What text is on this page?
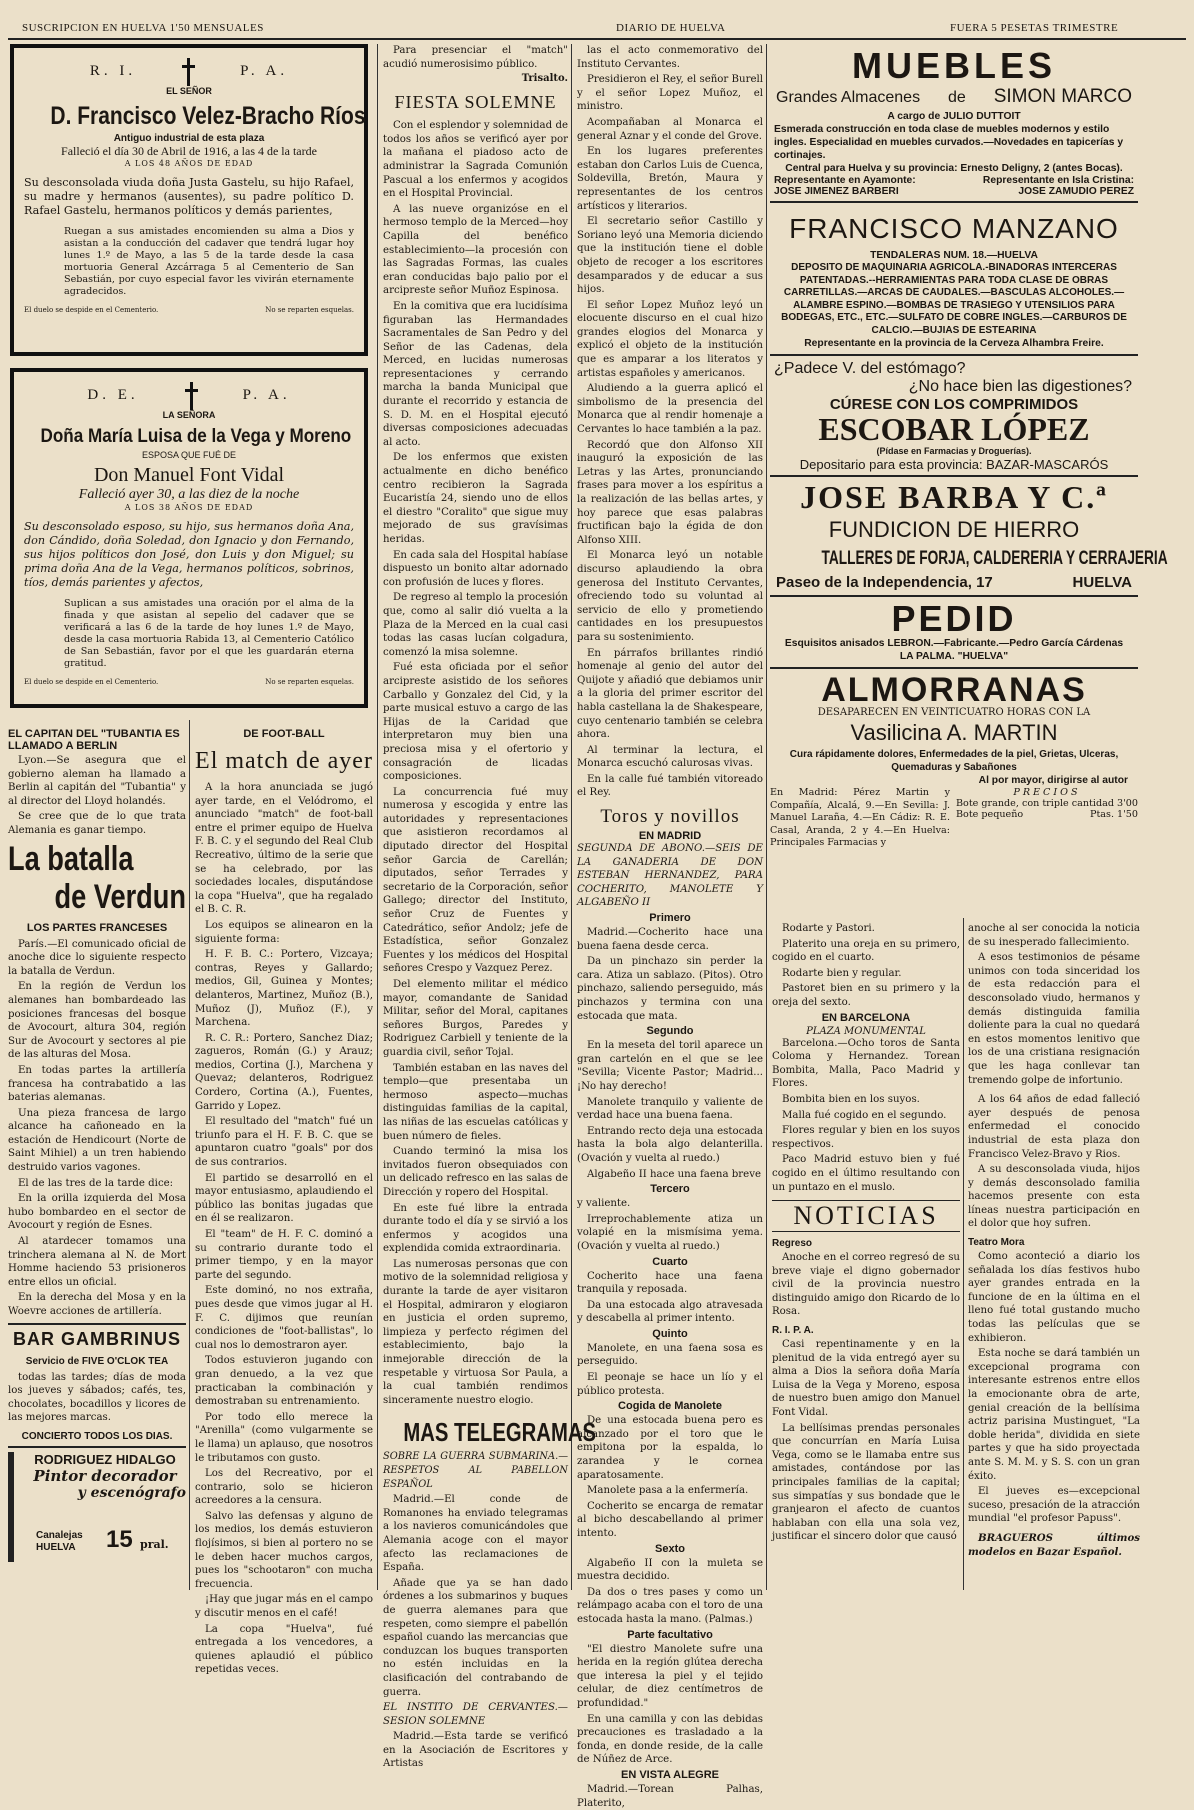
SUSCRIPCION EN HUELVA 1'50 MENSUALES	DIARIO DE HUELVA	FUERA 5 PESETAS TRIMESTRE
R. I.	P. A.
EL SEÑOR
D. Francisco Velez-Bracho Ríos
Antiguo industrial de esta plaza
Falleció el día 30 de Abril de 1916, a las 4 de la tarde
A LOS 48 AÑOS DE EDAD
Su desconsolada viuda doña Justa Gastelu, su hijo Rafael, su madre y hermanos (ausentes), su padre político D. Rafael Gastelu, hermanos políticos y demás parientes,
Ruegan a sus amistades encomienden su alma a Dios y asistan a la conducción del cadaver que tendrá lugar hoy lunes 1.º de Mayo, a las 5 de la tarde desde la casa mortuoria General Azcárraga 5 al Cementerio de San Sebastián, por cuyo especial favor les vivirán eternamente agradecidos.
El duelo se despide en el Cementerio.	No se reparten esquelas.
D. E.	P. A.
LA SEÑORA
Doña María Luisa de la Vega y Moreno
ESPOSA QUE FUÉ DE
Don Manuel Font Vidal
Falleció ayer 30, a las diez de la noche
A LOS 38 AÑOS DE EDAD
Su desconsolado esposo, su hijo, sus hermanos doña Ana, don Cándido, doña Soledad, don Ignacio y don Fernando, sus hijos políticos don José, don Luis y don Miguel; su prima doña Ana de la Vega, hermanos políticos, sobrinos, tíos, demás parientes y afectos,
Suplican a sus amistades una oración por el alma de la finada y que asistan al sepelio del cadaver que se verificará a las 6 de la tarde de hoy lunes 1.º de Mayo, desde la casa mortuoria Rabida 13, al Cementerio Católico de San Sebastián, favor por el que les guardarán eterna gratitud.
El duelo se despide en el Cementerio.	No se reparten esquelas.
EL CAPITAN DEL "TUBANTIA ES LLAMADO A BERLIN

Lyon.—Se asegura que el gobierno aleman ha llamado a Berlin al capitán del "Tubantia" y al director del Lloyd holandés.

Se cree que de lo que trata Alemania es ganar tiempo.

La batalla
de Verdun
LOS PARTES FRANCESES

París.—El comunicado oficial de anoche dice lo siguiente respecto la batalla de Verdun.

En la región de Verdun los alemanes han bombardeado las posiciones francesas del bosque de Avocourt, altura 304, región Sur de Avocourt y sectores al pie de las alturas del Mosa.

En todas partes la artillería francesa ha contrabatido a las baterias alemanas.

Una pieza francesa de largo alcance ha cañoneado en la estación de Hendicourt (Norte de Saint Mihiel) a un tren habiendo destruido varios vagones.

El de las tres de la tarde dice:

En la orilla izquierda del Mosa hubo bombardeo en el sector de Avocourt y región de Esnes.

Al atardecer tomamos una trinchera alemana al N. de Mort Homme haciendo 53 prisioneros entre ellos un oficial.

En la derecha del Mosa y en la Woevre acciones de artillería.

BAR GAMBRINUS
Servicio de FIVE O'CLOK TEA

todas las tardes; días de moda los jueves y sábados; cafés, tes, chocolates, bocadillos y licores de las mejores marcas.

CONCIERTO TODOS LOS DIAS.
RODRIGUEZ HIDALGO
Pintor decorador
y escenógrafo
Canalejas
HUELVA 15 pral.
DE FOOT-BALL
El match de ayer

A la hora anunciada se jugó ayer tarde, en el Velódromo, el anunciado "match" de foot-ball entre el primer equipo de Huelva F. B. C. y el segundo del Real Club Recreativo, último de la serie que se ha celebrado, por las sociedades locales, disputándose la copa "Huelva", que ha regalado el B. C. R.

Los equipos se alinearon en la siguiente forma:

H. F. B. C.: Portero, Vizcaya; contras, Reyes y Gallardo; medios, Gil, Guinea y Montes; delanteros, Martinez, Muñoz (B.), Muñoz (J), Muñoz (F.), y Marchena.

R. C. R.: Portero, Sanchez Diaz; zagueros, Román (G.) y Arauz; medios, Cortina (J.), Marchena y Quevaz; delanteros, Rodriguez Cordero, Cortina (A.), Fuentes, Garrido y Lopez.

El resultado del "match" fué un triunfo para el H. F. B. C. que se apuntaron cuatro "goals" por dos de sus contrarios.

El partido se desarrolló en el mayor entusiasmo, aplaudiendo el público las bonitas jugadas que en él se realizaron.

El "team" de H. F. C. dominó a su contrario durante todo el primer tiempo, y en la mayor parte del segundo.

Este dominó, no nos extraña, pues desde que vimos jugar al H. F. C. dijimos que reunían condiciones de "foot-ballistas", lo cual nos lo demostraron ayer.

Todos estuvieron jugando con gran denuedo, a la vez que practicaban la combinación y demostraban su entrenamiento.

Por todo ello merece la "Arenilla" (como vulgarmente se le llama) un aplauso, que nosotros le tributamos con gusto.

Los del Recreativo, por el contrario, solo se hicieron acreedores a la censura.

Salvo las defensas y alguno de los medios, los demás estuvieron flojísimos, si bien al portero no se le deben hacer muchos cargos, pues los "schootaron" con mucha frecuencia.

¡Hay que jugar más en el campo y discutir menos en el café!

La copa "Huelva", fué entregada a los vencedores, a quienes aplaudió el público repetidas veces.

Para presenciar el "match" acudió numerosisimo público.

Trisalto.
FIESTA SOLEMNE

Con el esplendor y solemnidad de todos los años se verificó ayer por la mañana el piadoso acto de administrar la Sagrada Comunión Pascual a los enfermos y acogidos en el Hospital Provincial.

A las nueve organizóse en el hermoso templo de la Merced—hoy Capilla del benéfico establecimiento—la procesión con las Sagradas Formas, las cuales eran conducidas bajo palio por el arcipreste señor Muñoz Espinosa.

En la comitiva que era lucidísima figuraban las Hermandades Sacramentales de San Pedro y del Señor de las Cadenas, dela Merced, en lucidas numerosas representaciones y cerrando marcha la banda Municipal que durante el recorrido y estancia de S. D. M. en el Hospital ejecutó diversas composiciones adecuadas al acto.

De los enfermos que existen actualmente en dicho benéfico centro recibieron la Sagrada Eucaristía 24, siendo uno de ellos el diestro "Coralito" que sigue muy mejorado de sus gravísimas heridas.

En cada sala del Hospital habíase dispuesto un bonito altar adornado con profusión de luces y flores.

De regreso al templo la procesión que, como al salir dió vuelta a la Plaza de la Merced en la cual casi todas las casas lucían colgadura, comenzó la misa solemne.

Fué esta oficiada por el señor arcipreste asistido de los señores Carballo y Gonzalez del Cid, y la parte musical estuvo a cargo de las Hijas de la Caridad que interpretaron muy bien una preciosa misa y el ofertorio y consagración de licadas composiciones.

La concurrencia fué muy numerosa y escogida y entre las autoridades y representaciones que asistieron recordamos al diputado director del Hospital señor Garcia de Carellán; diputados, señor Terrades y secretario de la Corporación, señor Gallego; director del Instituto, señor Cruz de Fuentes y Catedrático, señor Andolz; jefe de Estadística, señor Gonzalez Fuentes y los médicos del Hospital señores Crespo y Vazquez Perez.

Del elemento militar el médico mayor, comandante de Sanidad Militar, señor del Moral, capitanes señores Burgos, Paredes y Rodriguez Carbiell y teniente de la guardia civil, señor Tojal.

También estaban en las naves del templo—que presentaba un hermoso aspecto—muchas distinguidas familias de la capital, las niñas de las escuelas católicas y buen número de fieles.

Cuando terminó la misa los invitados fueron obsequiados con un delicado refresco en las salas de Dirección y ropero del Hospital.

En este fué libre la entrada durante todo el día y se sirvió a los enfermos y acogidos una explendida comida extraordinaria.

Las numerosas personas que con motivo de la solemnidad religiosa y durante la tarde de ayer visitaron el Hospital, admiraron y elogiaron en justicia el orden supremo, limpieza y perfecto régimen del establecimiento, bajo la inmejorable dirección de la respetable y virtuosa Sor Paula, a la cual también rendimos sinceramente nuestro elogio.

MAS TELEGRAMAS

SOBRE LA GUERRA SUBMARINA.—RESPETOS AL PABELLON ESPAÑOL

Madrid.—El conde de Romanones ha enviado telegramas a los navieros comunicándoles que Alemania acoge con el mayor afecto las reclamaciones de España.

Añade que ya se han dado órdenes a los submarinos y buques de guerra alemanes para que respeten, como siempre el pabellón español cuando las mercancias que conduzcan los buques transporten no estén incluidas en la clasificación del contrabando de guerra.

EL INSTITO DE CERVANTES.—SESION SOLEMNE

Madrid.—Esta tarde se verificó en la Asociación de Escritores y Artistas

las el acto conmemorativo del Instituto Cervantes.

Presidieron el Rey, el señor Burell y el señor Lopez Muñoz, el ministro.

Acompañaban al Monarca el general Aznar y el conde del Grove.

En los lugares preferentes estaban don Carlos Luis de Cuenca, Soldevilla, Bretón, Maura y representantes de los centros artísticos y literarios.

El secretario señor Castillo y Soriano leyó una Memoria diciendo que la institución tiene el doble objeto de recoger a los escritores desamparados y de educar a sus hijos.

El señor Lopez Muñoz leyó un elocuente discurso en el cual hizo grandes elogios del Monarca y explicó el objeto de la institución que es amparar a los literatos y artistas españoles y americanos.

Aludiendo a la guerra aplicó el simbolismo de la presencia del Monarca que al rendir homenaje a Cervantes lo hace también a la paz.

Recordó que don Alfonso XII inauguró la exposición de las Letras y las Artes, pronunciando frases para mover a los espíritus a la realización de las bellas artes, y hoy parece que esas palabras fructifican bajo la égida de don Alfonso XIII.

El Monarca leyó un notable discurso aplaudiendo la obra generosa del Instituto Cervantes, ofreciendo todo su voluntad al servicio de ello y prometiendo cantidades en los presupuestos para su sostenimiento.

En párrafos brillantes rindió homenaje al genio del autor del Quijote y añadió que debiamos unir a la gloria del primer escritor del habla castellana la de Shakespeare, cuyo centenario también se celebra ahora.

Al terminar la lectura, el Monarca escuchó calurosas vivas.

En la calle fué también vitoreado el Rey.

Toros y novillos
EN MADRID

SEGUNDA DE ABONO.—SEIS DE LA GANADERIA DE DON ESTEBAN HERNANDEZ, PARA COCHERITO, MANOLETE Y ALGABEÑO II

Primero

Madrid.—Cocherito hace una buena faena desde cerca.

Da un pinchazo sin perder la cara. Atiza un sablazo. (Pitos). Otro pinchazo, saliendo perseguido, más pinchazos y termina con una estocada que mata.

Segundo

En la meseta del toril aparece un gran cartelón en el que se lee "Sevilla; Vicente Pastor; Madrid... ¡No hay derecho!

Manolete tranquilo y valiente de verdad hace una buena faena.

Entrando recto deja una estocada hasta la bola algo delanterilla. (Ovación y vuelta al ruedo.)

Algabeño II hace una faena breve

Tercero

y valiente.

Irreprochablemente atiza un volapié en la mismísima yema. (Ovación y vuelta al ruedo.)

Cuarto

Cocherito hace una faena tranquila y reposada.

Da una estocada algo atravesada y descabella al primer intento.

Quinto

Manolete, en una faena sosa es perseguido.

El peonaje se hace un lío y el público protesta.

Cogida de Manolete

De una estocada buena pero es alcanzado por el toro que le empitona por la espalda, lo zarandea y le cornea aparatosamente.

Manolete pasa a la enfermería.

Cocherito se encarga de rematar al bicho descabellando al primer intento.

Sexto

Algabeño II con la muleta se muestra decidido.

Da dos o tres pases y como un relámpago acaba con el toro de una estocada hasta la mano. (Palmas.)

Parte facultativo

"El diestro Manolete sufre una herida en la región glútea derecha que interesa la piel y el tejido celular, de diez centímetros de profundidad."

En una camilla y con las debidas precauciones es trasladado a la fonda, en donde reside, de la calle de Núñez de Arce.

EN VISTA ALEGRE

Madrid.—Torean Palhas, Platerito,

MUEBLES
Grandes Almacenes de SIMON MARCO
A cargo de JULIO DUTTOIT
Esmerada construcción en toda clase de muebles modernos y estilo ingles. Especialidad en muebles curvados.—Novedades en tapicerías y cortinajes.
Central para Huelva y su provincia: Ernesto Deligny, 2 (antes Bocas).
Representante en Ayamonte:	Representante en Isla Cristina:
JOSE JIMENEZ BARBERI	JOSE ZAMUDIO PEREZ
FRANCISCO MANZANO
TENDALERAS NUM. 18.—HUELVA
DEPOSITO DE MAQUINARIA AGRICOLA.-BINADORAS INTERCERAS PATENTADAS.--HERRAMIENTAS PARA TODA CLASE DE OBRAS CARRETILLAS.—ARCAS DE CAUDALES.—BASCULAS ALCOHOLES.—ALAMBRE ESPINO.—BOMBAS DE TRASIEGO Y UTENSILIOS PARA BODEGAS, ETC., ETC.—SULFATO DE COBRE INGLES.—CARBUROS DE CALCIO.—BUJIAS DE ESTEARINA
Representante en la provincia de la Cerveza Alhambra Freire.
¿Padece V. del estómago?
¿No hace bien las digestiones?
CÚRESE CON LOS COMPRIMIDOS
ESCOBAR LÓPEZ
(Pídase en Farmacias y Droguerías).
Depositario para esta provincia: BAZAR-MASCARÓS
JOSE BARBA Y C.ª
FUNDICION DE HIERRO
TALLERES DE FORJA, CALDERERIA Y CERRAJERIA
Paseo de la Independencia, 17	HUELVA
PEDID
Esquisitos anisados LEBRON.—Fabricante.—Pedro García Cárdenas
LA PALMA. "HUELVA"
ALMORRANAS
DESAPARECEN EN VEINTICUATRO HORAS CON LA
Vasilicina A. MARTIN
Cura rápidamente dolores, Enfermedades de la piel, Grietas, Ulceras, Quemaduras y Sabañones
Al por mayor, dirigirse al autor
En Madrid: Pérez Martin y Compañía, Alcalá, 9.—En Sevilla: J. Manuel Laraña, 4.—En Cádiz: R. E. Casal, Aranda, 2 y 4.—En Huelva: Principales Farmacias y
PRECIOS
Bote grande, con triple cantidad 3'00
Bote pequeño	Ptas. 1'50

Rodarte y Pastori.

Platerito una oreja en su primero, cogido en el cuarto.

Rodarte bien y regular.

Pastoret bien en su primero y la oreja del sexto.

EN BARCELONA
PLAZA MONUMENTAL

Barcelona.—Ocho toros de Santa Coloma y Hernandez. Torean Bombita, Malla, Paco Madrid y Flores.

Bombita bien en los suyos.

Malla fué cogido en el segundo.

Flores regular y bien en los suyos respectivos.

Paco Madrid estuvo bien y fué cogido en el último resultando con un puntazo en el muslo.

NOTICIAS
Regreso

Anoche en el correo regresó de su breve viaje el digno gobernador civil de la provincia nuestro distinguido amigo don Ricardo de lo Rosa.

R. I. P. A.

Casi repentinamente y en la plenitud de la vida entregó ayer su alma a Dios la señora doña María Luisa de la Vega y Moreno, esposa de nuestro buen amigo don Manuel Font Vidal.

La bellísimas prendas personales que concurrían en María Luisa Vega, como se le llamaba entre sus amistades, contándose por las principales familias de la capital; sus simpatías y sus bondade que le granjearon el afecto de cuantos hablaban con ella una sola vez, justificar el sincero dolor que causó

anoche al ser conocida la noticia de su inesperado fallecimiento.

A esos testimonios de pésame unimos con toda sinceridad los de esta redacción para el desconsolado viudo, hermanos y demás distinguida familia doliente para la cual no quedará en estos momentos lenitivo que los de una cristiana resignación que les haga conllevar tan tremendo golpe de infortunio.

A los 64 años de edad falleció ayer después de penosa enfermedad el conocido industrial de esta plaza don Francisco Velez-Bravo y Rios.

A su desconsolada viuda, hijos y demás desconsolado familia hacemos presente con esta líneas nuestra participación en el dolor que hoy sufren.

Teatro Mora

Como aconteció a diario los señalada los días festivos hubo ayer grandes entrada en la funcione de en la última en el lleno fué total gustando mucho todas las películas que se exhibieron.

Esta noche se dará también un excepcional programa con interesante estrenos entre ellos la emocionante obra de arte, genial creación de la bellísima actriz parisina Mustinguet, "La doble herida", dividida en siete partes y que ha sido proyectada ante S. M. M. y S. S. con un gran éxito.

El jueves es—excepcional suceso, presación de la atracción mundial "el profesor Papuss".

BRAGUEROS últimos modelos en Bazar Español.
